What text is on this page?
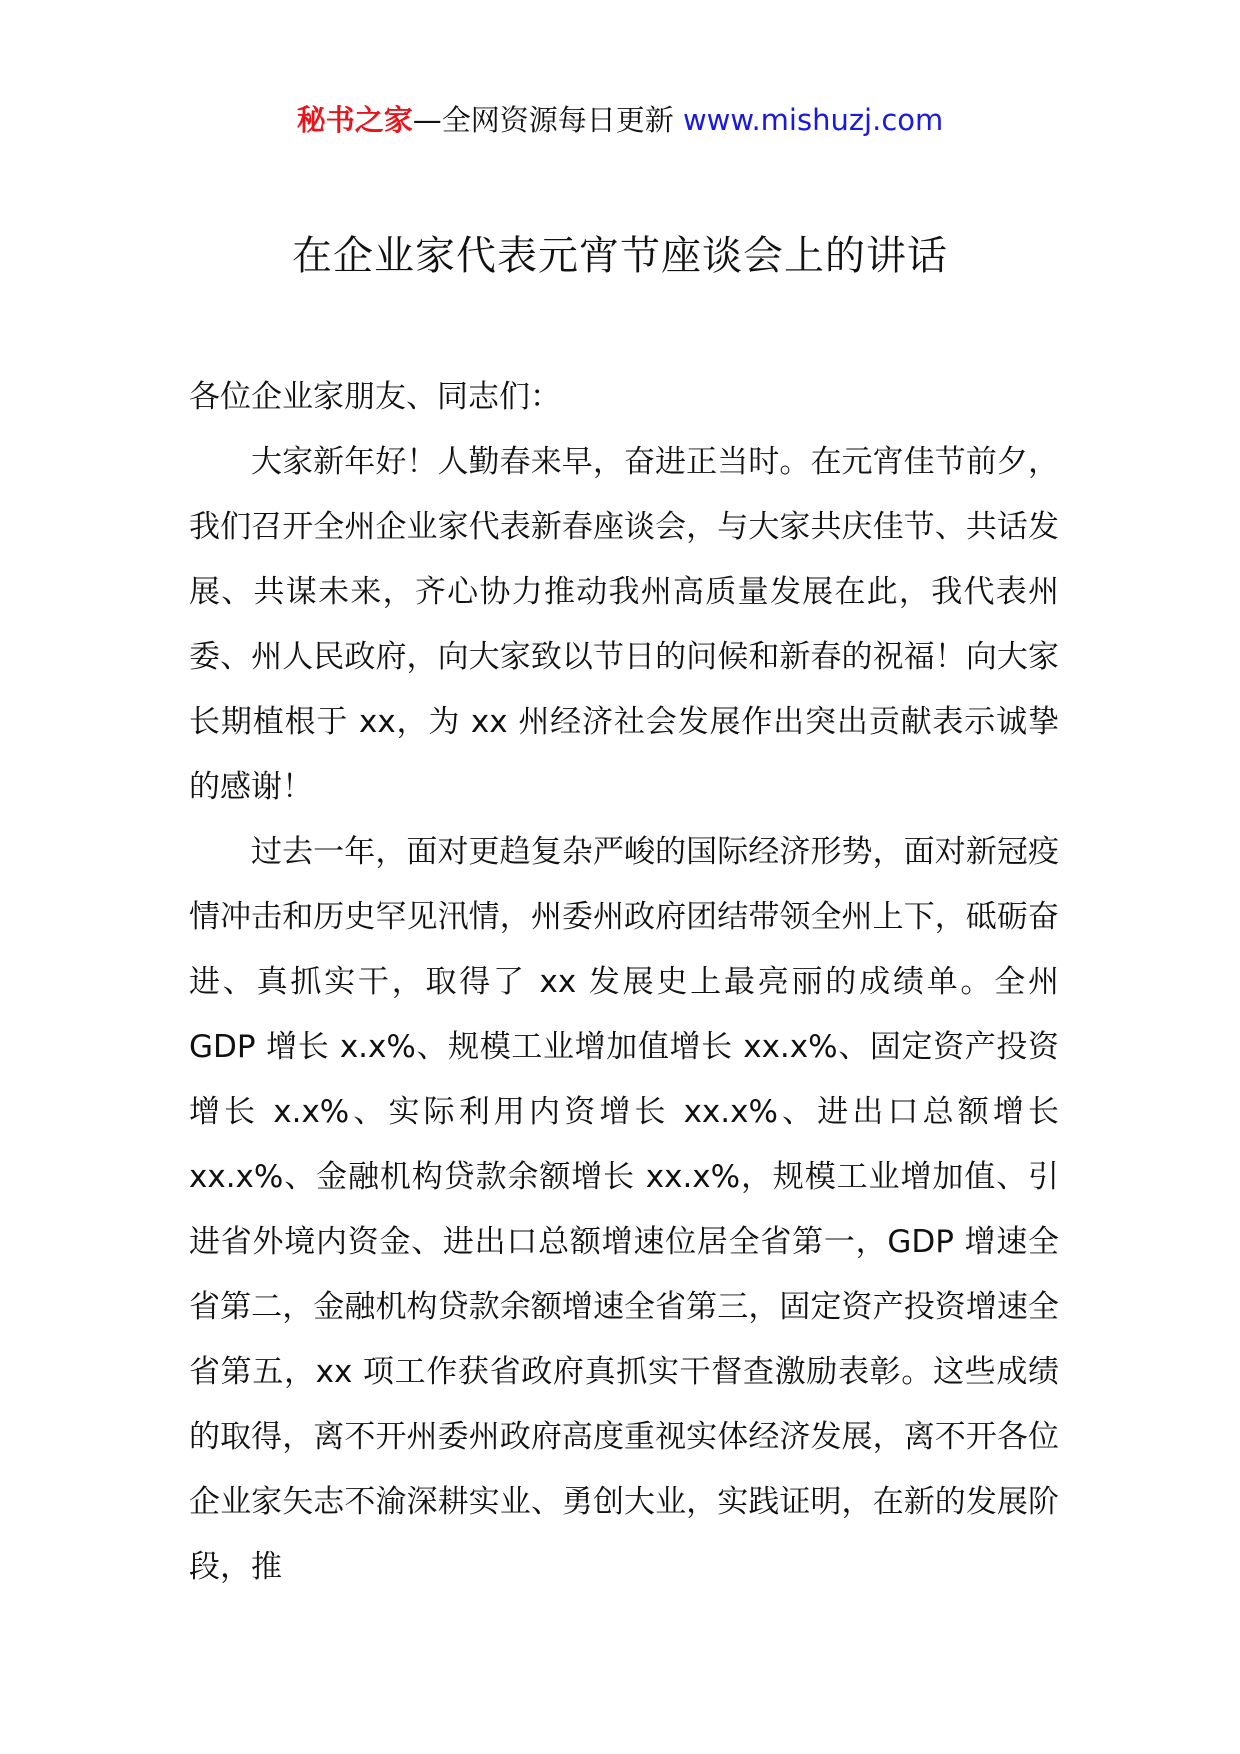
秘书之家—全网资源每日更新 www.mishuzj.com
在企业家代表元宵节座谈会上的讲话

各位企业家朋友、同志们：

大家新年好！人勤春来早，奋进正当时。在元宵佳节前夕，我们召开全州企业家代表新春座谈会，与大家共庆佳节、共话发展、共谋未来，齐心协力推动我州高质量发展在此，我代表州委、州人民政府，向大家致以节日的问候和新春的祝福！向大家长期植根于 xx，为 xx 州经济社会发展作出突出贡献表示诚挚的感谢！

过去一年，面对更趋复杂严峻的国际经济形势，面对新冠疫情冲击和历史罕见汛情，州委州政府团结带领全州上下，砥砺奋进、真抓实干，取得了 xx 发展史上最亮丽的成绩单。全州 GDP 增长 x.x%、规模工业增加值增长 xx.x%、固定资产投资增长 x.x%、实际利用内资增长 xx.x%、进出口总额增长 xx.x%、金融机构贷款余额增长 xx.x%，规模工业增加值、引进省外境内资金、进出口总额增速位居全省第一，GDP 增速全省第二，金融机构贷款余额增速全省第三，固定资产投资增速全省第五，xx 项工作获省政府真抓实干督查激励表彰。这些成绩的取得，离不开州委州政府高度重视实体经济发展，离不开各位企业家矢志不渝深耕实业、勇创大业，实践证明，在新的发展阶段，推
